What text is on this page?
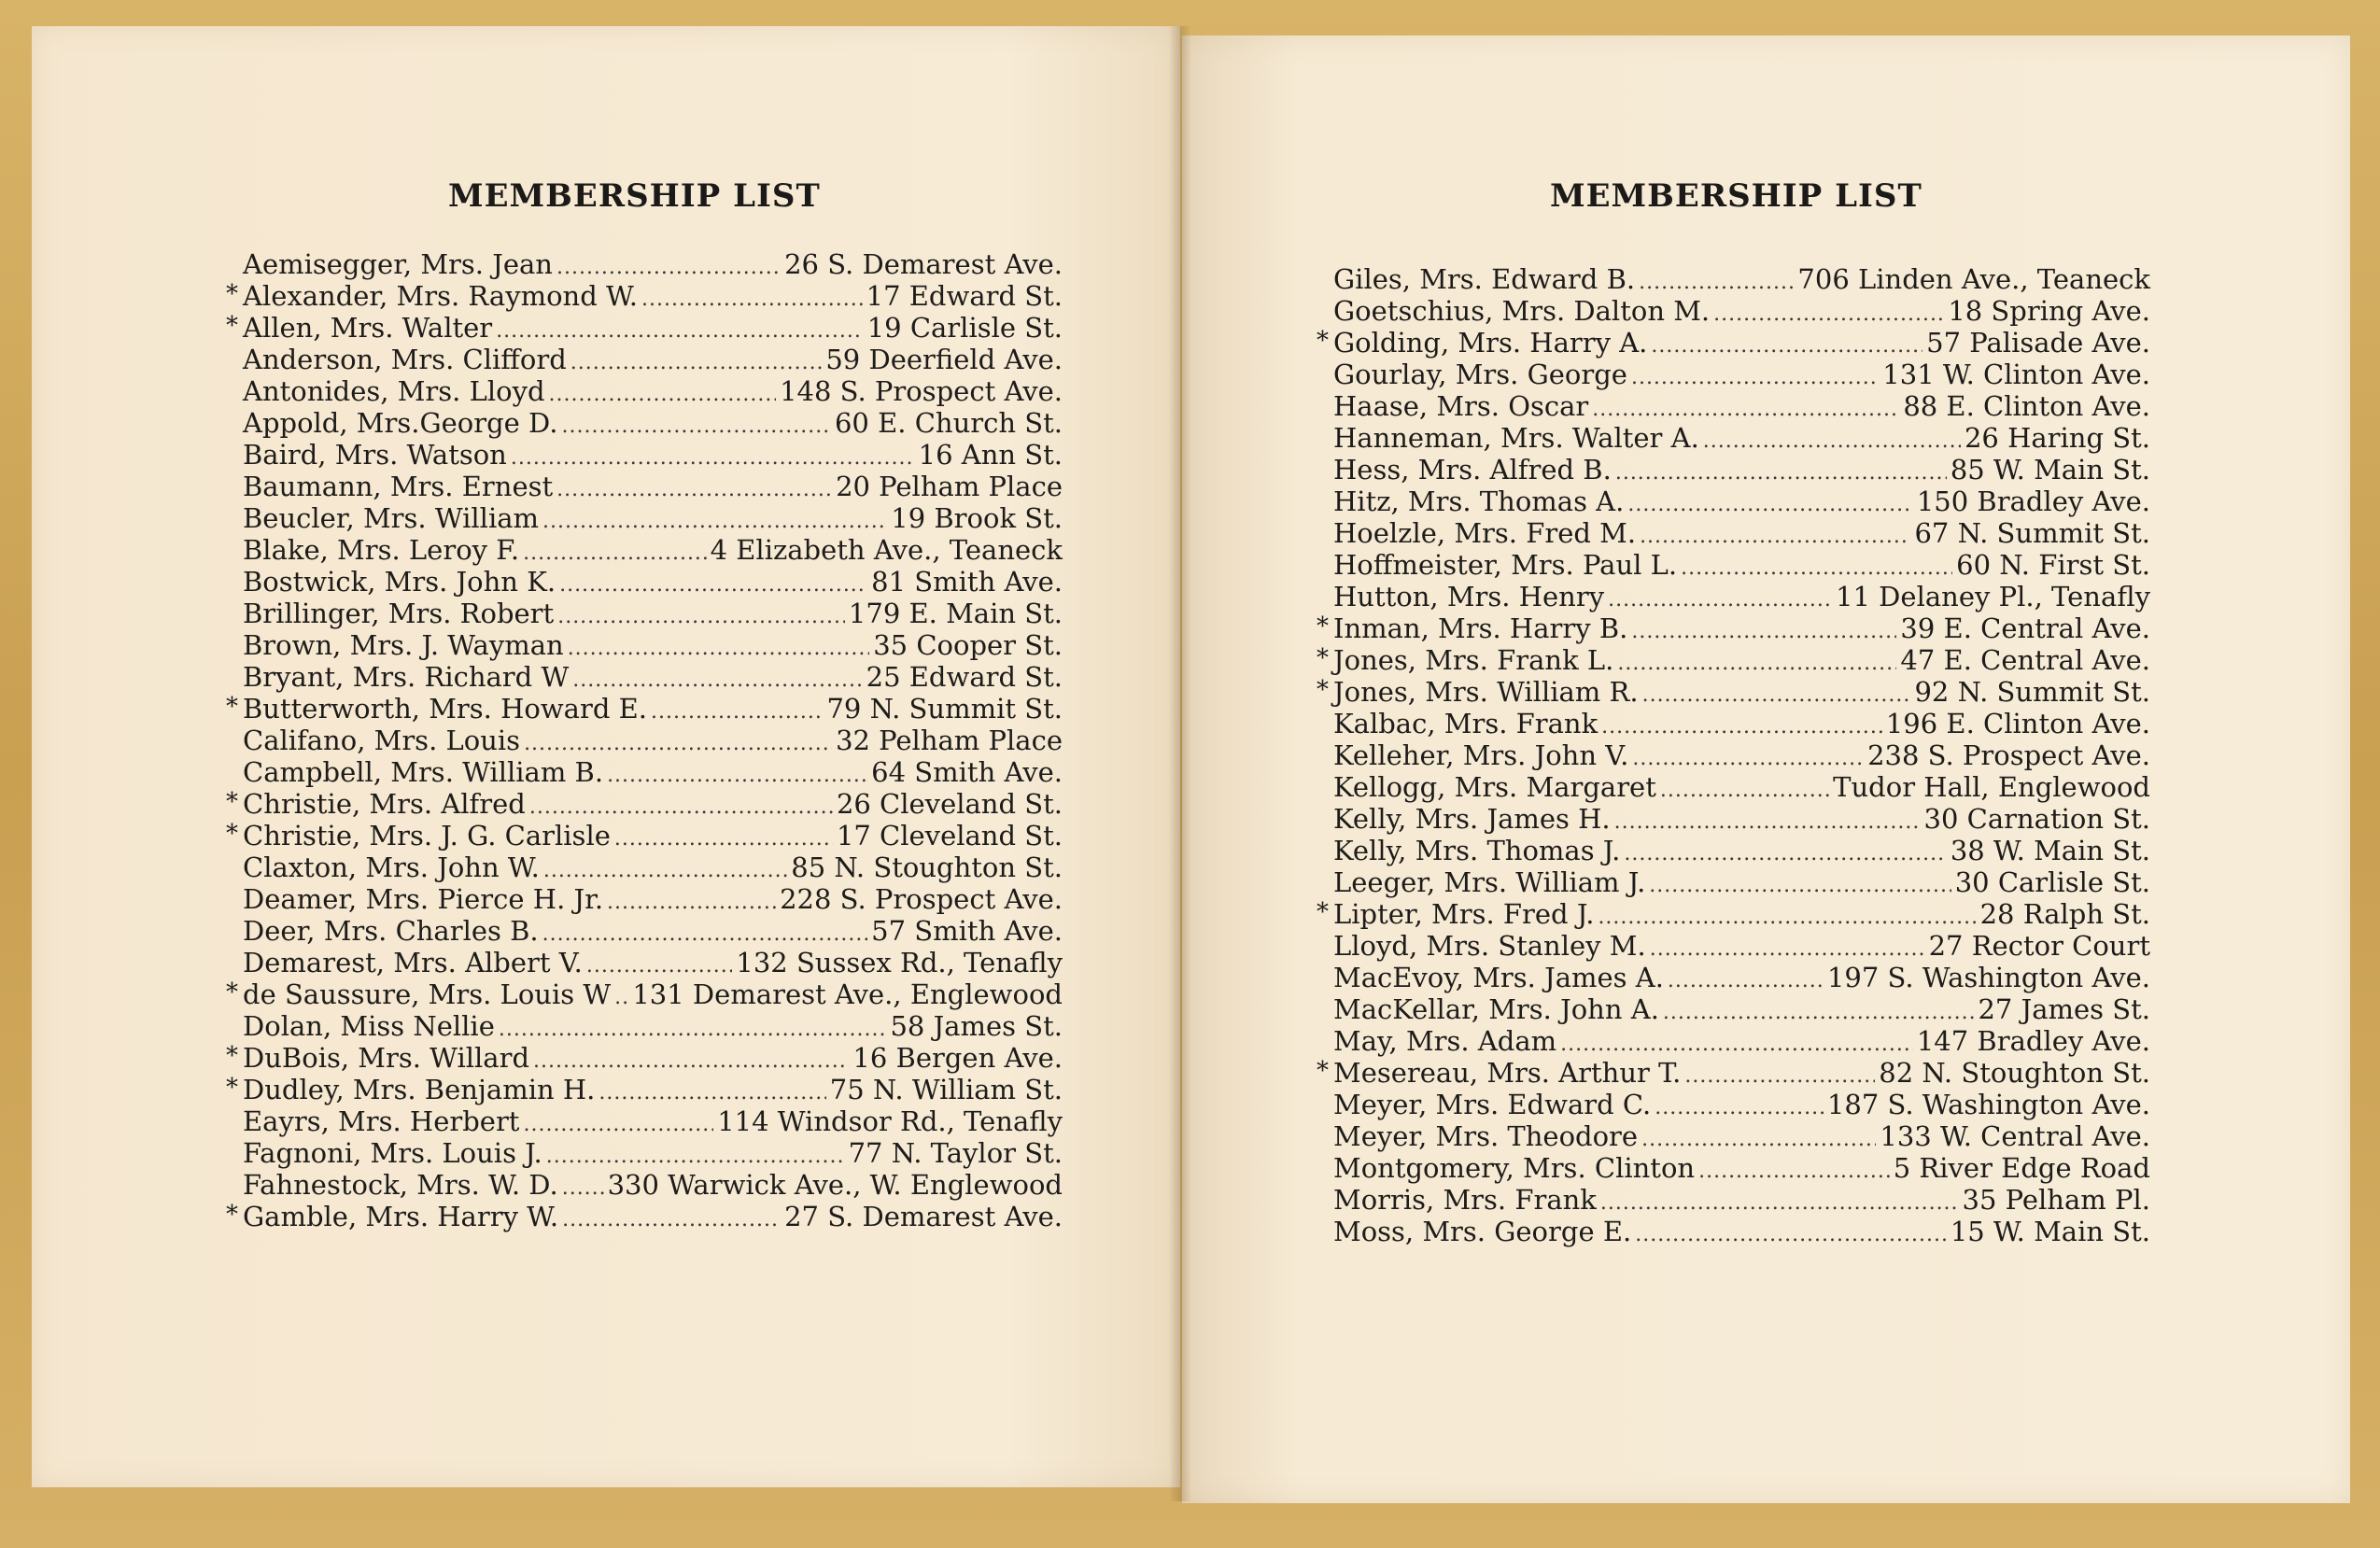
MEMBERSHIP LIST
Aemisegger, Mrs. Jean .....	26 S. Demarest Ave.
* Alexander, Mrs. Raymond W. .....	17 Edward St.
* Allen, Mrs. Walter .....	19 Carlisle St.
Anderson, Mrs. Clifford .....	59 Deerfield Ave.
Antonides, Mrs. Lloyd .....	148 S. Prospect Ave.
Appold, Mrs.George D. .....	60 E. Church St.
Baird, Mrs. Watson .....	16 Ann St.
Baumann, Mrs. Ernest .....	20 Pelham Place
Beucler, Mrs. William .....	19 Brook St.
Blake, Mrs. Leroy F. .....	4 Elizabeth Ave., Teaneck
Bostwick, Mrs. John K. .....	81 Smith Ave.
Brillinger, Mrs. Robert .....	179 E. Main St.
Brown, Mrs. J. Wayman .....	35 Cooper St.
Bryant, Mrs. Richard W .....	25 Edward St.
* Butterworth, Mrs. Howard E. .....	79 N. Summit St.
Califano, Mrs. Louis .....	32 Pelham Place
Campbell, Mrs. William B. .....	64 Smith Ave.
* Christie, Mrs. Alfred .....	26 Cleveland St.
* Christie, Mrs. J. G. Carlisle .....	17 Cleveland St.
Claxton, Mrs. John W. .....	85 N. Stoughton St.
Deamer, Mrs. Pierce H. Jr. .....	228 S. Prospect Ave.
Deer, Mrs. Charles B. .....	57 Smith Ave.
Demarest, Mrs. Albert V. .....	132 Sussex Rd., Tenafly
* de Saussure, Mrs. Louis W ..... 131 Demarest Ave., Englewood
Dolan, Miss Nellie .....	58 James St.
* DuBois, Mrs. Willard .....	16 Bergen Ave.
* Dudley, Mrs. Benjamin H. .....	75 N. William St.
Eayrs, Mrs. Herbert .....	114 Windsor Rd., Tenafly
Fagnoni, Mrs. Louis J. .....	77 N. Taylor St.
Fahnestock, Mrs. W. D. ..... 330 Warwick Ave., W. Englewood
* Gamble, Mrs. Harry W. .....	27 S. Demarest Ave.
MEMBERSHIP LIST
Giles, Mrs. Edward B. .....	706 Linden Ave., Teaneck
Goetschius, Mrs. Dalton M. .....	18 Spring Ave.
* Golding, Mrs. Harry A. .....	57 Palisade Ave.
Gourlay, Mrs. George .....	131 W. Clinton Ave.
Haase, Mrs. Oscar .....	88 E. Clinton Ave.
Hanneman, Mrs. Walter A. .....	26 Haring St.
Hess, Mrs. Alfred B. .....	85 W. Main St.
Hitz, Mrs. Thomas A. .....	150 Bradley Ave.
Hoelzle, Mrs. Fred M. .....	67 N. Summit St.
Hoffmeister, Mrs. Paul L. .....	60 N. First St.
Hutton, Mrs. Henry .....	11 Delaney Pl., Tenafly
* Inman, Mrs. Harry B. .....	39 E. Central Ave.
* Jones, Mrs. Frank L. .....	47 E. Central Ave.
* Jones, Mrs. William R. .....	92 N. Summit St.
Kalbac, Mrs. Frank .....	196 E. Clinton Ave.
Kelleher, Mrs. John V. .....	238 S. Prospect Ave.
Kellogg, Mrs. Margaret .....	Tudor Hall, Englewood
Kelly, Mrs. James H. .....	30 Carnation St.
Kelly, Mrs. Thomas J. .....	38 W. Main St.
Leeger, Mrs. William J. .....	30 Carlisle St.
* Lipter, Mrs. Fred J. .....	28 Ralph St.
Lloyd, Mrs. Stanley M. .....	27 Rector Court
MacEvoy, Mrs. James A. .....	197 S. Washington Ave.
MacKellar, Mrs. John A. .....	27 James St.
May, Mrs. Adam .....	147 Bradley Ave.
* Mesereau, Mrs. Arthur T. .....	82 N. Stoughton St.
Meyer, Mrs. Edward C. .....	187 S. Washington Ave.
Meyer, Mrs. Theodore .....	133 W. Central Ave.
Montgomery, Mrs. Clinton .....	5 River Edge Road
Morris, Mrs. Frank .....	35 Pelham Pl.
Moss, Mrs. George E. .....	15 W. Main St.
